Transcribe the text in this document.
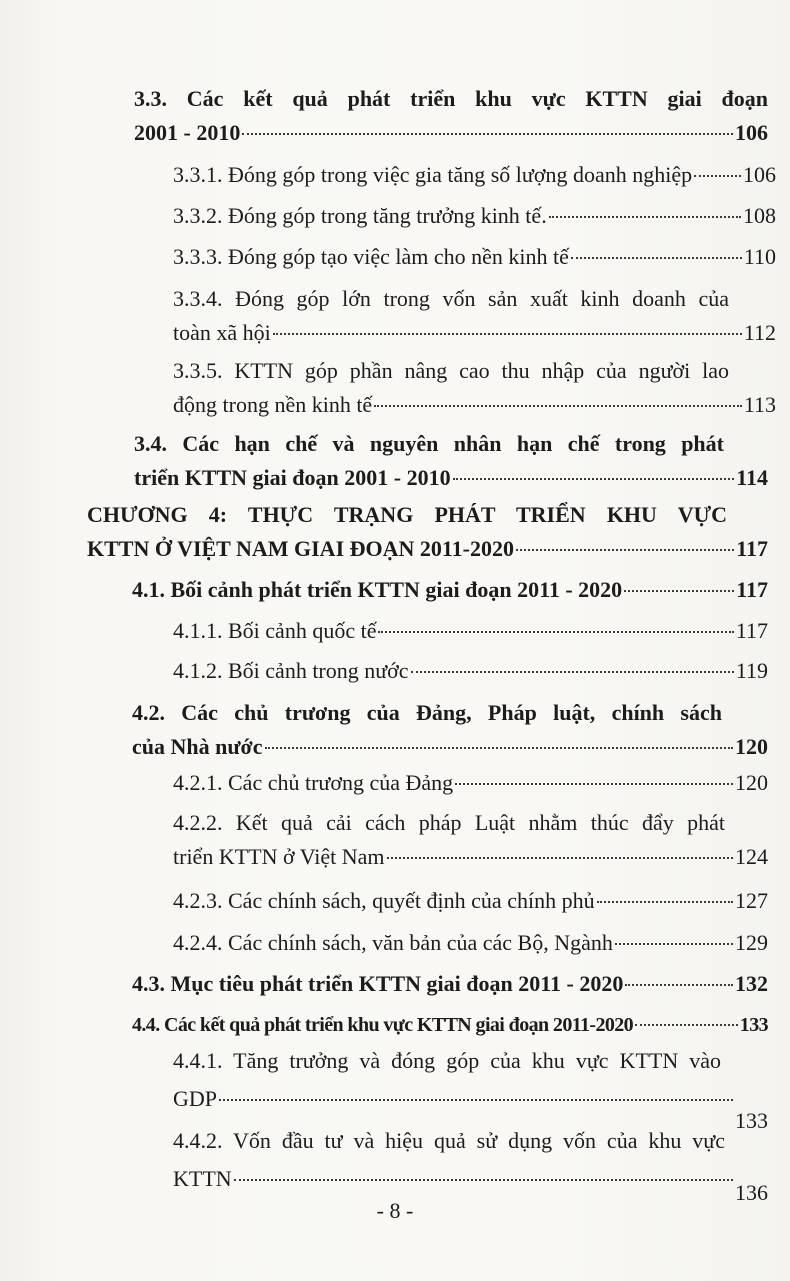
3.3. Các kết quả phát triển khu vực KTTN giai đoạn
2001 - 2010	106
3.3.1. Đóng góp trong việc gia tăng số lượng doanh nghiệp 106
3.3.2. Đóng góp trong tăng trưởng kinh tế.	108
3.3.3. Đóng góp tạo việc làm cho nền kinh tế	110
3.3.4. Đóng góp lớn trong vốn sản xuất kinh doanh của
toàn xã hội	112
3.3.5. KTTN góp phần nâng cao thu nhập của người lao
động trong nền kinh tế	113
3.4. Các hạn chế và nguyên nhân hạn chế trong phát
triển KTTN giai đoạn 2001 - 2010	114
CHƯƠNG 4: THỰC TRẠNG PHÁT TRIỂN KHU VỰC
KTTN Ở VIỆT NAM GIAI ĐOẠN 2011-2020	117
4.1. Bối cảnh phát triển KTTN giai đoạn 2011 - 2020	117
4.1.1. Bối cảnh quốc tế	117
4.1.2. Bối cảnh trong nước	119
4.2. Các chủ trương của Đảng, Pháp luật, chính sách
của Nhà nước	120
4.2.1. Các chủ trương của Đảng	120
4.2.2. Kết quả cải cách pháp Luật nhằm thúc đẩy phát
triển KTTN ở Việt Nam	124
4.2.3. Các chính sách, quyết định của chính phủ	127
4.2.4. Các chính sách, văn bản của các Bộ, Ngành	129
4.3. Mục tiêu phát triển KTTN giai đoạn 2011 - 2020	132
4.4. Các kết quả phát triển khu vực KTTN giai đoạn 2011-2020	133
4.4.1. Tăng trưởng và đóng góp của khu vực KTTN vào
GDP
133
4.4.2. Vốn đầu tư và hiệu quả sử dụng vốn của khu vực
KTTN
136
- 8 -
